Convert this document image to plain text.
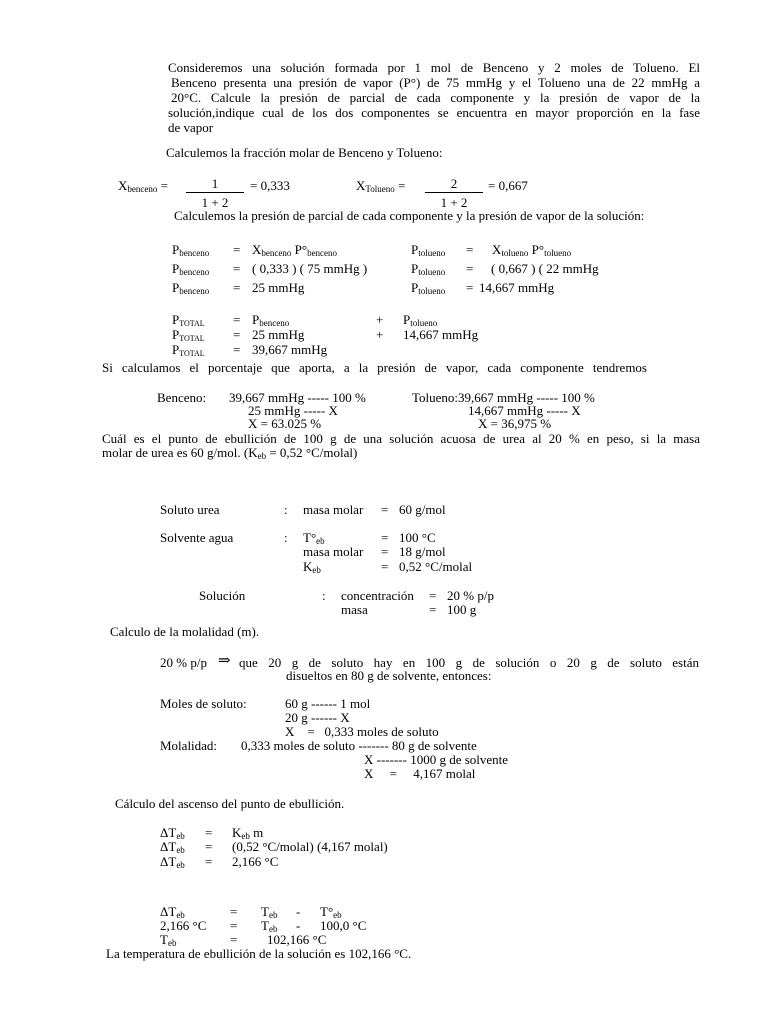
Consideremos una solución formada por 1 mol de Benceno y 2 moles de Tolueno. El
Benceno presenta una presión de vapor (P°) de 75 mmHg y el Tolueno una de 22 mmHg a
20°C. Calcule la presión de parcial de cada componente y la presión de vapor de la
solución,indique cual de los dos componentes se encuentra en mayor proporción en la fase
de vapor
Calculemos la fracción molar de Benceno y Tolueno:
$X_{benceno} = \frac{1}{1 + 2} = 0,333$	$X_{Tolueno} = \frac{2}{1 + 2} = 0,667$
Calculemos la presión de parcial de cada componente y la presión de vapor de la solución:
$P_{benceno} = X_{benceno}$ $P^\circ_{benceno}$
$P_{benceno}$ = ( 0,333 ) ( 75 mmHg )
$P_{benceno} = 25$ mmHg
$P_{tolueno} = X_{tolueno}$ $P^\circ_{tolueno}$
$P_{tolueno}$ = ( 0,667 ) ( 22 mmHg
$P_{tolueno} = 14,667$ mmHg
$P_{TOTAL} = P_{benceno}$	+ $P_{tolueno}$
$P_{TOTAL} = 25$ mmHg	+ 14,667 mmHg
$P_{TOTAL} = 39,667$ mmHg
Si calculamos el porcentaje que aporta, a la presión de vapor, cada componente tendremos
Benceno: 39,667 mmHg ----- 100 %
25 mmHg ----- X
X = 63.025 %
Tolueno:39,667 mmHg ----- 100 %
14,667 mmHg ----- X
X = 36,975 %
Cuál es el punto de ebullición de 100 g de una solución acuosa de urea al 20 % en peso, si la masa
molar de urea es 60 g/mol. ($K_{eb} = 0,52$ °C/molal)
Soluto urea	: masa molar = 60 g/mol
Solvente agua	: $T^\circ_{eb}$	= 100 °C
masa molar = 18 g/mol
$K_{eb}$	= 0,52 °C/molal
Solución	: concentración = 20 % p/p
masa	= 100 g
Calculo de la molalidad (m).
20 % p/p ⇒ que 20 g de soluto hay en 100 g de solución o 20 g de soluto están
disueltos en 80 g de solvente, entonces:
Moles de soluto:	60 g ------ 1 mol
20 g ------ X
X    =   0,333 moles de soluto
Molalidad: 0,333 moles de soluto ------- 80 g de solvente
X ------- 1000 g de solvente
X     =     4,167 molal
Cálculo del ascenso del punto de ebullición.
$\Delta T_{eb} = K_{eb}$ m
$\Delta T_{eb} = (0,52$ °C/molal) (4,167 molal)
$\Delta T_{eb} = 2,166$ °C
$\Delta T_{eb}$	= $T_{eb} - T^\circ_{eb}$
2,166 $^\circ C = T_{eb} - 100,0$ °C
$T_{eb}$	= 102,166 °C
La temperatura de ebullición de la solución es 102,166 °C.
